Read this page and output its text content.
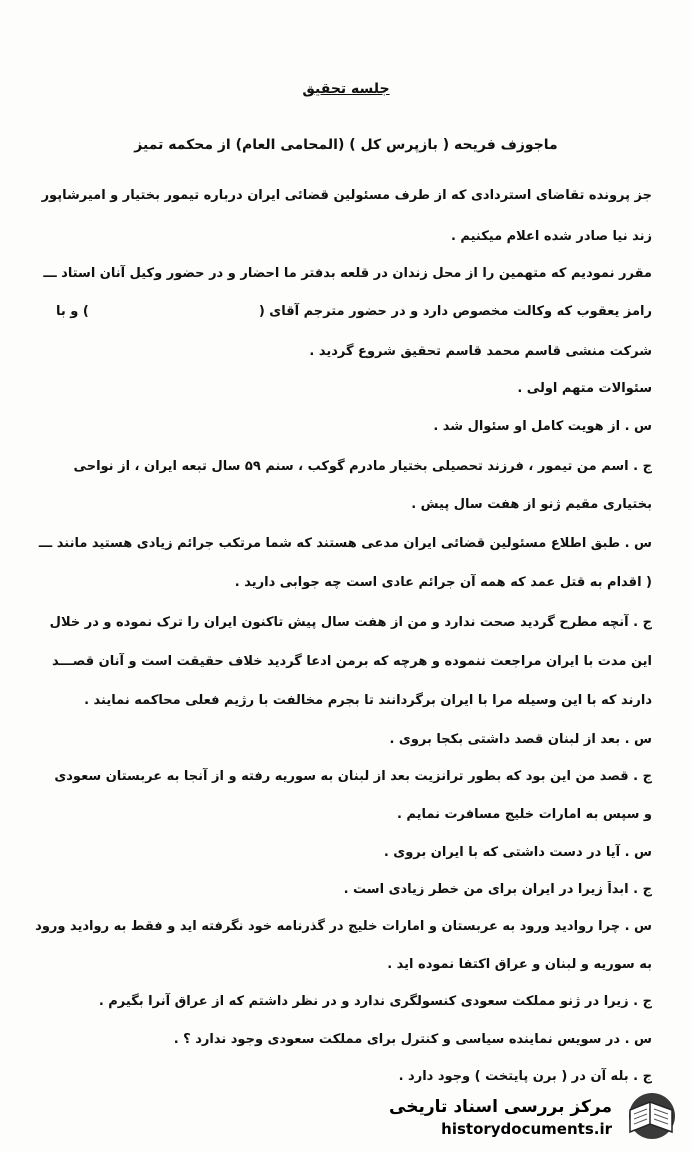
جلسه تحقیق
ماجوزف فریحه ( بازپرس کل ) (المحامی العام) از محکمه تمیز
جز پرونده تقاضای استردادی که از طرف مسئولین قضائی ایران درباره تیمور بختیار و امیرشاپور
زند نیا صادر شده اعلام میکنیم .
مقرر نمودیم که متهمین را از محل زندان در قلعه بدفتر ما احضار و در حضور وکیل آنان استاد ـــ
رامز یعقوب که وکالت مخصوص دارد و در حضور مترجم آقای () و با
شرکت منشی قاسم محمد قاسم تحقیق شروع گردید .
سئوالات متهم اولی .
س . از هویت کامل او سئوال شد .
ج . اسم من تیمور ، فرزند تحصیلی بختیار مادرم گوکب ، سنم ۵۹ سال تبعه ایران ، از نواحی
بختیاری مقیم ژنو از هفت سال پیش .
س . طبق اطلاع مسئولین قضائی ایران مدعی هستند که شما مرتکب جرائم زیادی هستید مانند ـــ
( اقدام به قتل عمد که همه آن جرائم عادی است چه جوابی دارید .
ج . آنچه مطرح گردید صحت ندارد و من از هفت سال پیش تاکنون ایران را ترک نموده و در خلال
این مدت با ایران مراجعت ننموده و هرچه که برمن ادعا گردید خلاف حقیقت است و آنان قصـــد
دارند که با این وسیله مرا با ایران برگردانند تا بجرم مخالفت با رژیم فعلی محاکمه نمایند .
س . بعد از لبنان قصد داشتی بکجا بروی .
ج . قصد من این بود که بطور ترانزیت بعد از لبنان به سوریه رفته و از آنجا به عربستان سعودی
و سپس به امارات خلیج مسافرت نمایم .
س . آیا در دست داشتی که با ایران بروی .
ج . ابداً زیرا در ایران برای من خطر زیادی است .
س . چرا روادید ورود به عربستان و امارات خلیج در گذرنامه خود نگرفته اید و فقط به روادید ورود
به سوریه و لبنان و عراق اکتفا نموده اید .
ج . زیرا در ژنو مملکت سعودی کنسولگری ندارد و در نظر داشتم که از عراق آنرا بگیرم .
س . در سویس نماینده سیاسی و کنترل برای مملکت سعودی وجود ندارد ؟ .
ج . بله آن در ( برن پایتخت ) وجود دارد .
مرکز بررسی اسناد تاریخی
historydocuments.ir
